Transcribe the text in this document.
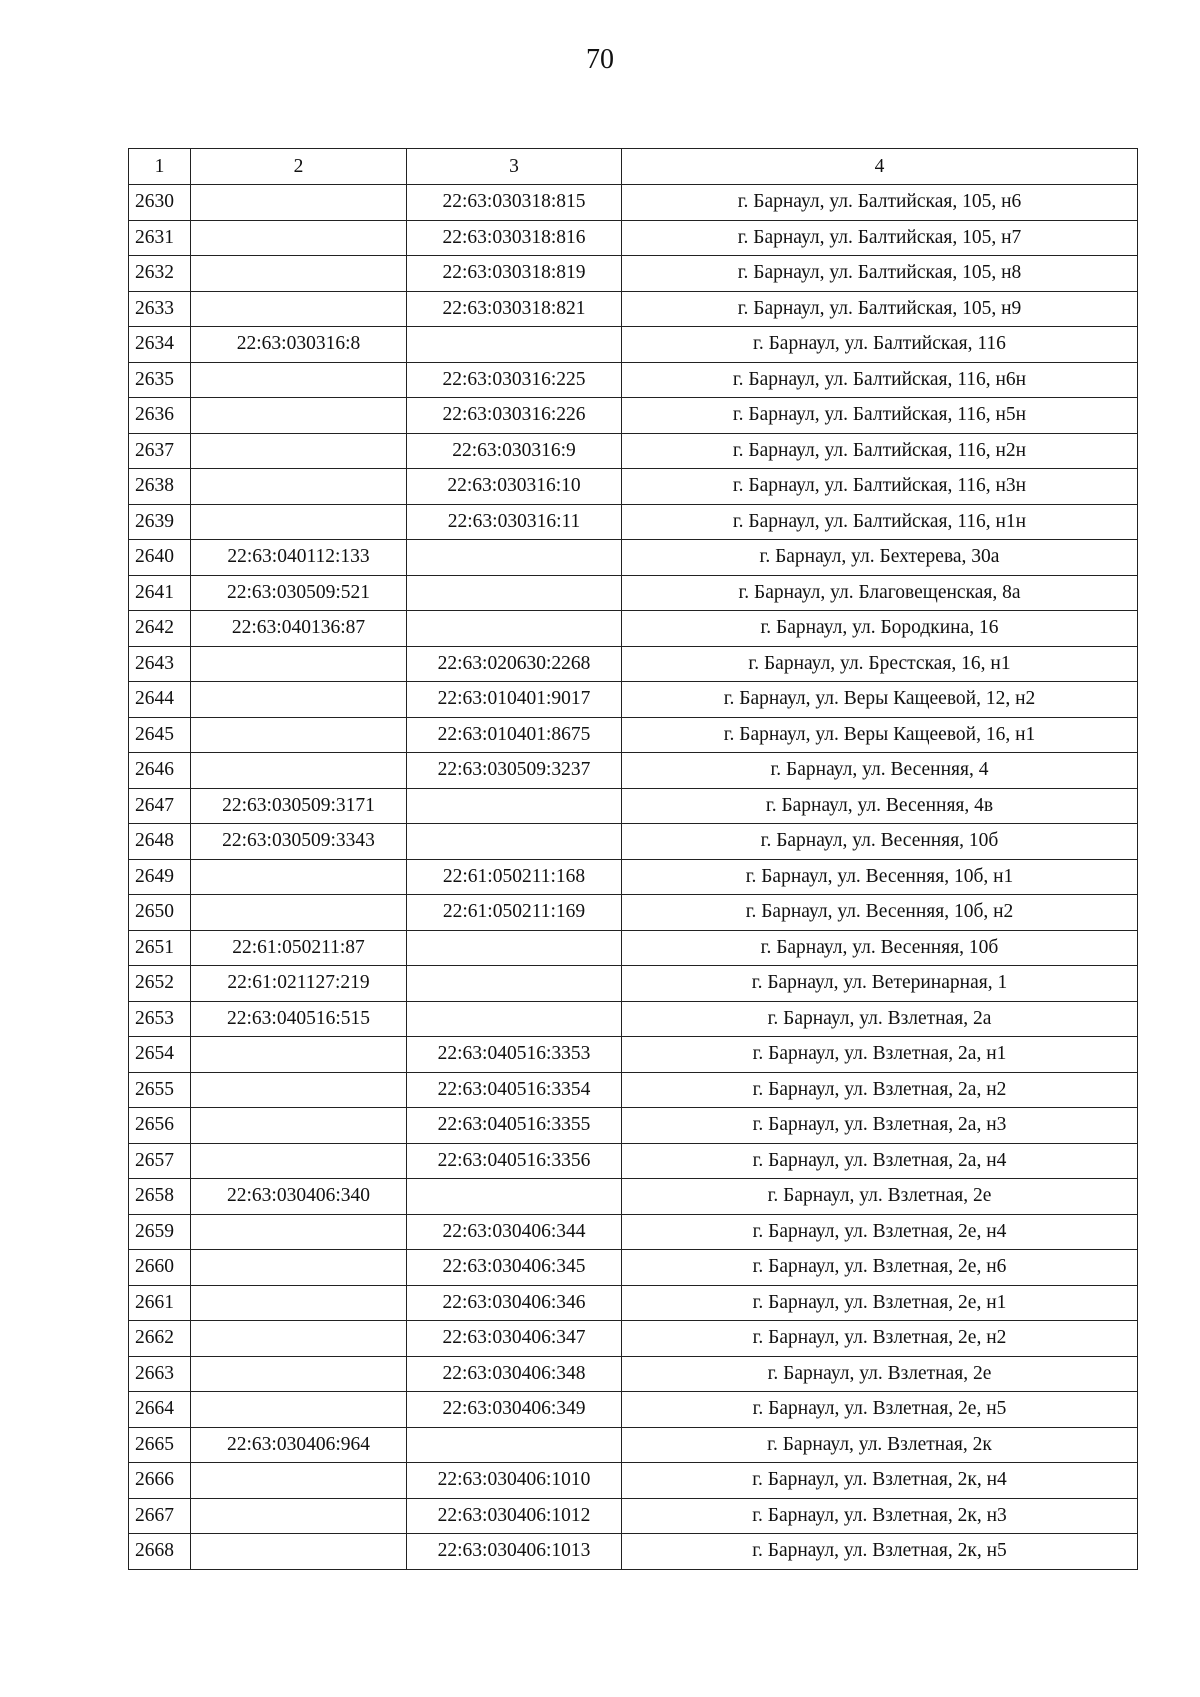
70
1	2	3	4
2630		22:63:030318:815	г. Барнаул, ул. Балтийская, 105, н6
2631		22:63:030318:816	г. Барнаул, ул. Балтийская, 105, н7
2632		22:63:030318:819	г. Барнаул, ул. Балтийская, 105, н8
2633		22:63:030318:821	г. Барнаул, ул. Балтийская, 105, н9
2634	22:63:030316:8		г. Барнаул, ул. Балтийская, 116
2635		22:63:030316:225	г. Барнаул, ул. Балтийская, 116, н6н
2636		22:63:030316:226	г. Барнаул, ул. Балтийская, 116, н5н
2637		22:63:030316:9	г. Барнаул, ул. Балтийская, 116, н2н
2638		22:63:030316:10	г. Барнаул, ул. Балтийская, 116, н3н
2639		22:63:030316:11	г. Барнаул, ул. Балтийская, 116, н1н
2640	22:63:040112:133		г. Барнаул, ул. Бехтерева, 30а
2641	22:63:030509:521		г. Барнаул, ул. Благовещенская, 8а
2642	22:63:040136:87		г. Барнаул, ул. Бородкина, 16
2643		22:63:020630:2268	г. Барнаул, ул. Брестская, 16, н1
2644		22:63:010401:9017	г. Барнаул, ул. Веры Кащеевой, 12, н2
2645		22:63:010401:8675	г. Барнаул, ул. Веры Кащеевой, 16, н1
2646		22:63:030509:3237	г. Барнаул, ул. Весенняя, 4
2647	22:63:030509:3171		г. Барнаул, ул. Весенняя, 4в
2648	22:63:030509:3343		г. Барнаул, ул. Весенняя, 10б
2649		22:61:050211:168	г. Барнаул, ул. Весенняя, 10б, н1
2650		22:61:050211:169	г. Барнаул, ул. Весенняя, 10б, н2
2651	22:61:050211:87		г. Барнаул, ул. Весенняя, 10б
2652	22:61:021127:219		г. Барнаул, ул. Ветеринарная, 1
2653	22:63:040516:515		г. Барнаул, ул. Взлетная, 2а
2654		22:63:040516:3353	г. Барнаул, ул. Взлетная, 2а, н1
2655		22:63:040516:3354	г. Барнаул, ул. Взлетная, 2а, н2
2656		22:63:040516:3355	г. Барнаул, ул. Взлетная, 2а, н3
2657		22:63:040516:3356	г. Барнаул, ул. Взлетная, 2а, н4
2658	22:63:030406:340		г. Барнаул, ул. Взлетная, 2е
2659		22:63:030406:344	г. Барнаул, ул. Взлетная, 2е, н4
2660		22:63:030406:345	г. Барнаул, ул. Взлетная, 2е, н6
2661		22:63:030406:346	г. Барнаул, ул. Взлетная, 2е, н1
2662		22:63:030406:347	г. Барнаул, ул. Взлетная, 2е, н2
2663		22:63:030406:348	г. Барнаул, ул. Взлетная, 2е
2664		22:63:030406:349	г. Барнаул, ул. Взлетная, 2е, н5
2665	22:63:030406:964		г. Барнаул, ул. Взлетная, 2к
2666		22:63:030406:1010	г. Барнаул, ул. Взлетная, 2к, н4
2667		22:63:030406:1012	г. Барнаул, ул. Взлетная, 2к, н3
2668		22:63:030406:1013	г. Барнаул, ул. Взлетная, 2к, н5
